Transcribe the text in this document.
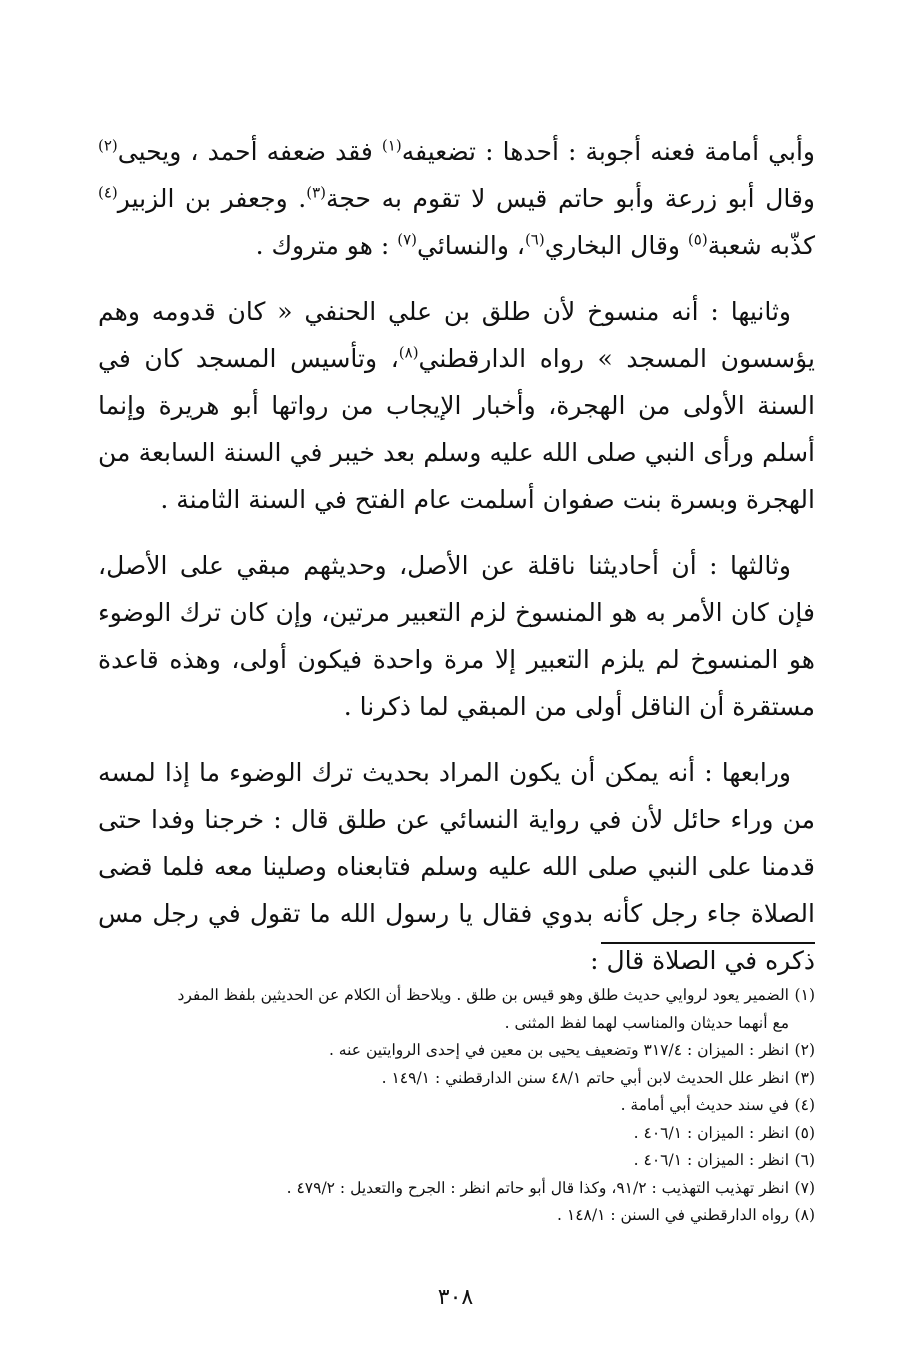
وأبي أمامة فعنه أجوبة : أحدها : تضعيفه$^{(١)}$ فقد ضعفه أحمد ، ويحيى$^{(٢)}$ وقال أبو زرعة وأبو حاتم قيس لا تقوم به حجة$^{(٣)}$. وجعفر بن الزبير$^{(٤)}$ كذّبه شعبة$^{(٥)}$ وقال البخاري$^{(٦)}$، والنسائي$^{(٧)}$ : هو متروك .

وثانيها : أنه منسوخ لأن طلق بن علي الحنفي « كان قدومه وهم يؤسسون المسجد » رواه الدارقطني$^{(٨)}$، وتأسيس المسجد كان في السنة الأولى من الهجرة، وأخبار الإيجاب من رواتها أبو هريرة وإنما أسلم ورأى النبي صلى الله عليه وسلم بعد خيبر في السنة السابعة من الهجرة وبسرة بنت صفوان أسلمت عام الفتح في السنة الثامنة .

وثالثها : أن أحاديثنا ناقلة عن الأصل، وحديثهم مبقي على الأصل، فإن كان الأمر به هو المنسوخ لزم التعبير مرتين، وإن كان ترك الوضوء هو المنسوخ لم يلزم التعبير إلا مرة واحدة فيكون أولى، وهذه قاعدة مستقرة أن الناقل أولى من المبقي لما ذكرنا .

ورابعها : أنه يمكن أن يكون المراد بحديث ترك الوضوء ما إذا لمسه من وراء حائل لأن في رواية النسائي عن طلق قال : خرجنا وفدا حتى قدمنا على النبي صلى الله عليه وسلم فتابعناه وصلينا معه فلما قضى الصلاة جاء رجل كأنه بدوي فقال يا رسول الله ما تقول في رجل مس ذكره في الصلاة قال :

(١)الضمير يعود لروايي حديث طلق وهو قيس بن طلق . ويلاحظ أن الكلام عن الحديثين بلفظ المفرد
مع أنهما حديثان والمناسب لهما لفظ المثنى .
(٢)انظر : الميزان : ٣١٧/٤ وتضعيف يحيى بن معين في إحدى الروايتين عنه .
(٣)انظر علل الحديث لابن أبي حاتم ٤٨/١ سنن الدارقطني : ١٤٩/١ .
(٤)في سند حديث أبي أمامة .
(٥)انظر : الميزان : ٤٠٦/١ .
(٦)انظر : الميزان : ٤٠٦/١ .
(٧)انظر تهذيب التهذيب : ٩١/٢، وكذا قال أبو حاتم انظر : الجرح والتعديل : ٤٧٩/٢ .
(٨)رواه الدارقطني في السنن : ١٤٨/١ .
٣٠٨
